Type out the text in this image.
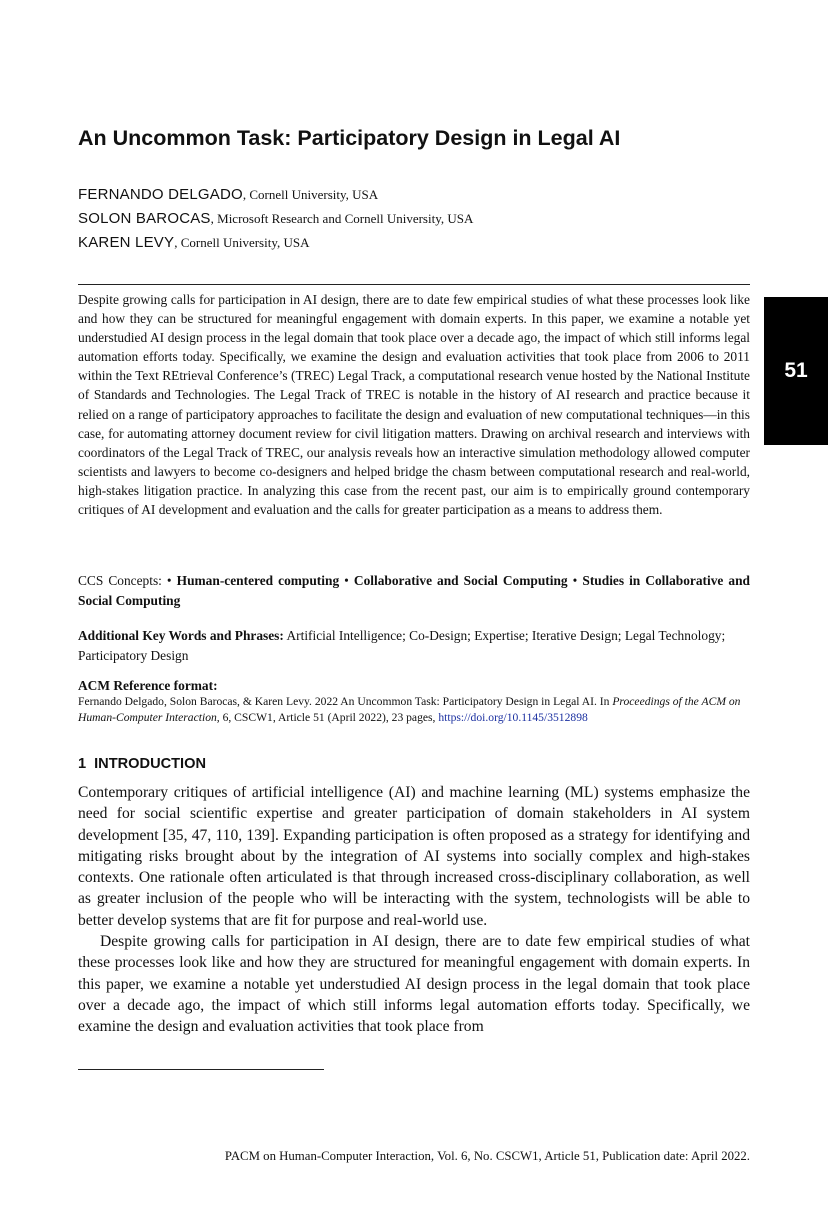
An Uncommon Task: Participatory Design in Legal AI
FERNANDO DELGADO, Cornell University, USA
SOLON BAROCAS, Microsoft Research and Cornell University, USA
KAREN LEVY, Cornell University, USA

Despite growing calls for participation in AI design, there are to date few empirical studies of what these processes look like and how they can be structured for meaningful engagement with domain experts. In this paper, we examine a notable yet understudied AI design process in the legal domain that took place over a decade ago, the impact of which still informs legal automation efforts today. Specifically, we examine the design and evaluation activities that took place from 2006 to 2011 within the Text REtrieval Conference’s (TREC) Legal Track, a computational research venue hosted by the National Institute of Standards and Technologies. The Legal Track of TREC is notable in the history of AI research and practice because it relied on a range of participatory approaches to facilitate the design and evaluation of new computational techniques—in this case, for automating attorney document review for civil litigation matters. Drawing on archival research and interviews with coordinators of the Legal Track of TREC, our analysis reveals how an interactive simulation methodology allowed computer scientists and lawyers to become co-designers and helped bridge the chasm between computational research and real-world, high-stakes litigation practice. In analyzing this case from the recent past, our aim is to empirically ground contemporary critiques of AI development and evaluation and the calls for greater participation as a means to address them.

CCS Concepts: • Human-centered computing • Collaborative and Social Computing • Studies in Collaborative and Social Computing
Additional Key Words and Phrases: Artificial Intelligence; Co-Design; Expertise; Iterative Design; Legal Technology; Participatory Design
ACM Reference format:
Fernando Delgado, Solon Barocas, & Karen Levy. 2022 An Uncommon Task: Participatory Design in Legal AI. In Proceedings of the ACM on Human-Computer Interaction, 6, CSCW1, Article 51 (April 2022), 23 pages, https://doi.org/10.1145/3512898
1 INTRODUCTION

Contemporary critiques of artificial intelligence (AI) and machine learning (ML) systems emphasize the need for social scientific expertise and greater participation of domain stakeholders in AI system development [35, 47, 110, 139]. Expanding participation is often proposed as a strategy for identifying and mitigating risks brought about by the integration of AI systems into socially complex and high-stakes contexts. One rationale often articulated is that through increased cross-disciplinary collaboration, as well as greater inclusion of the people who will be interacting with the system, technologists will be able to better develop systems that are fit for purpose and real-world use.

Despite growing calls for participation in AI design, there are to date few empirical studies of what these processes look like and how they are structured for meaningful engagement with domain experts. In this paper, we examine a notable yet understudied AI design process in the legal domain that took place over a decade ago, the impact of which still informs legal automation efforts today. Specifically, we examine the design and evaluation activities that took place from

PACM on Human-Computer Interaction, Vol. 6, No. CSCW1, Article 51, Publication date: April 2022.
51
